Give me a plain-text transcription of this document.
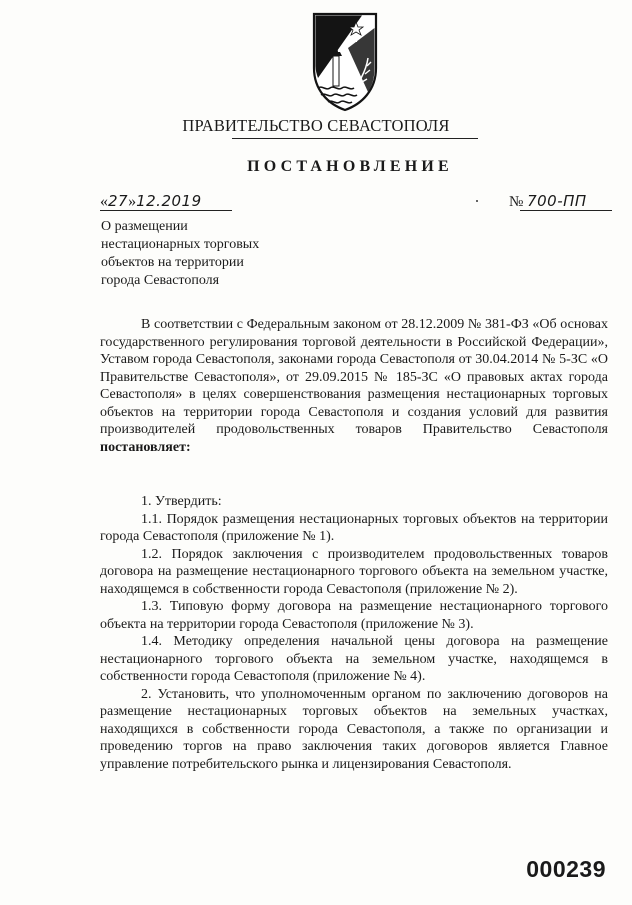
ПРАВИТЕЛЬСТВО СЕВАСТОПОЛЯ
ПОСТАНОВЛЕНИЕ
«27»12.2019	№ 700-ПП
О размещении
нестационарных торговых
объектов на территории
города Севастополя

В соответствии с Федеральным законом от 28.12.2009 № 381-ФЗ «Об основах государственного регулирования торговой деятельности в Российской Федерации», Уставом города Севастополя, законами города Севастополя от 30.04.2014 № 5-ЗС «О Правительстве Севастополя», от 29.09.2015 № 185-ЗС «О правовых актах города Севастополя» в целях совершенствования размещения нестационарных торговых объектов на территории города Севастополя и создания условий для развития производителей продовольственных товаров Правительство Севастополя постановляет:

1. Утвердить:

1.1. Порядок размещения нестационарных торговых объектов на территории города Севастополя (приложение № 1).

1.2. Порядок заключения с производителем продовольственных товаров договора на размещение нестационарного торгового объекта на земельном участке, находящемся в собственности города Севастополя (приложение № 2).

1.3. Типовую форму договора на размещение нестационарного торгового объекта на территории города Севастополя (приложение № 3).

1.4. Методику определения начальной цены договора на размещение нестационарного торгового объекта на земельном участке, находящемся в собственности города Севастополя (приложение № 4).

2. Установить, что уполномоченным органом по заключению договоров на размещение нестационарных торговых объектов на земельных участках, находящихся в собственности города Севастополя, а также по организации и проведению торгов на право заключения таких договоров является Главное управление потребительского рынка и лицензирования Севастополя.

000239
